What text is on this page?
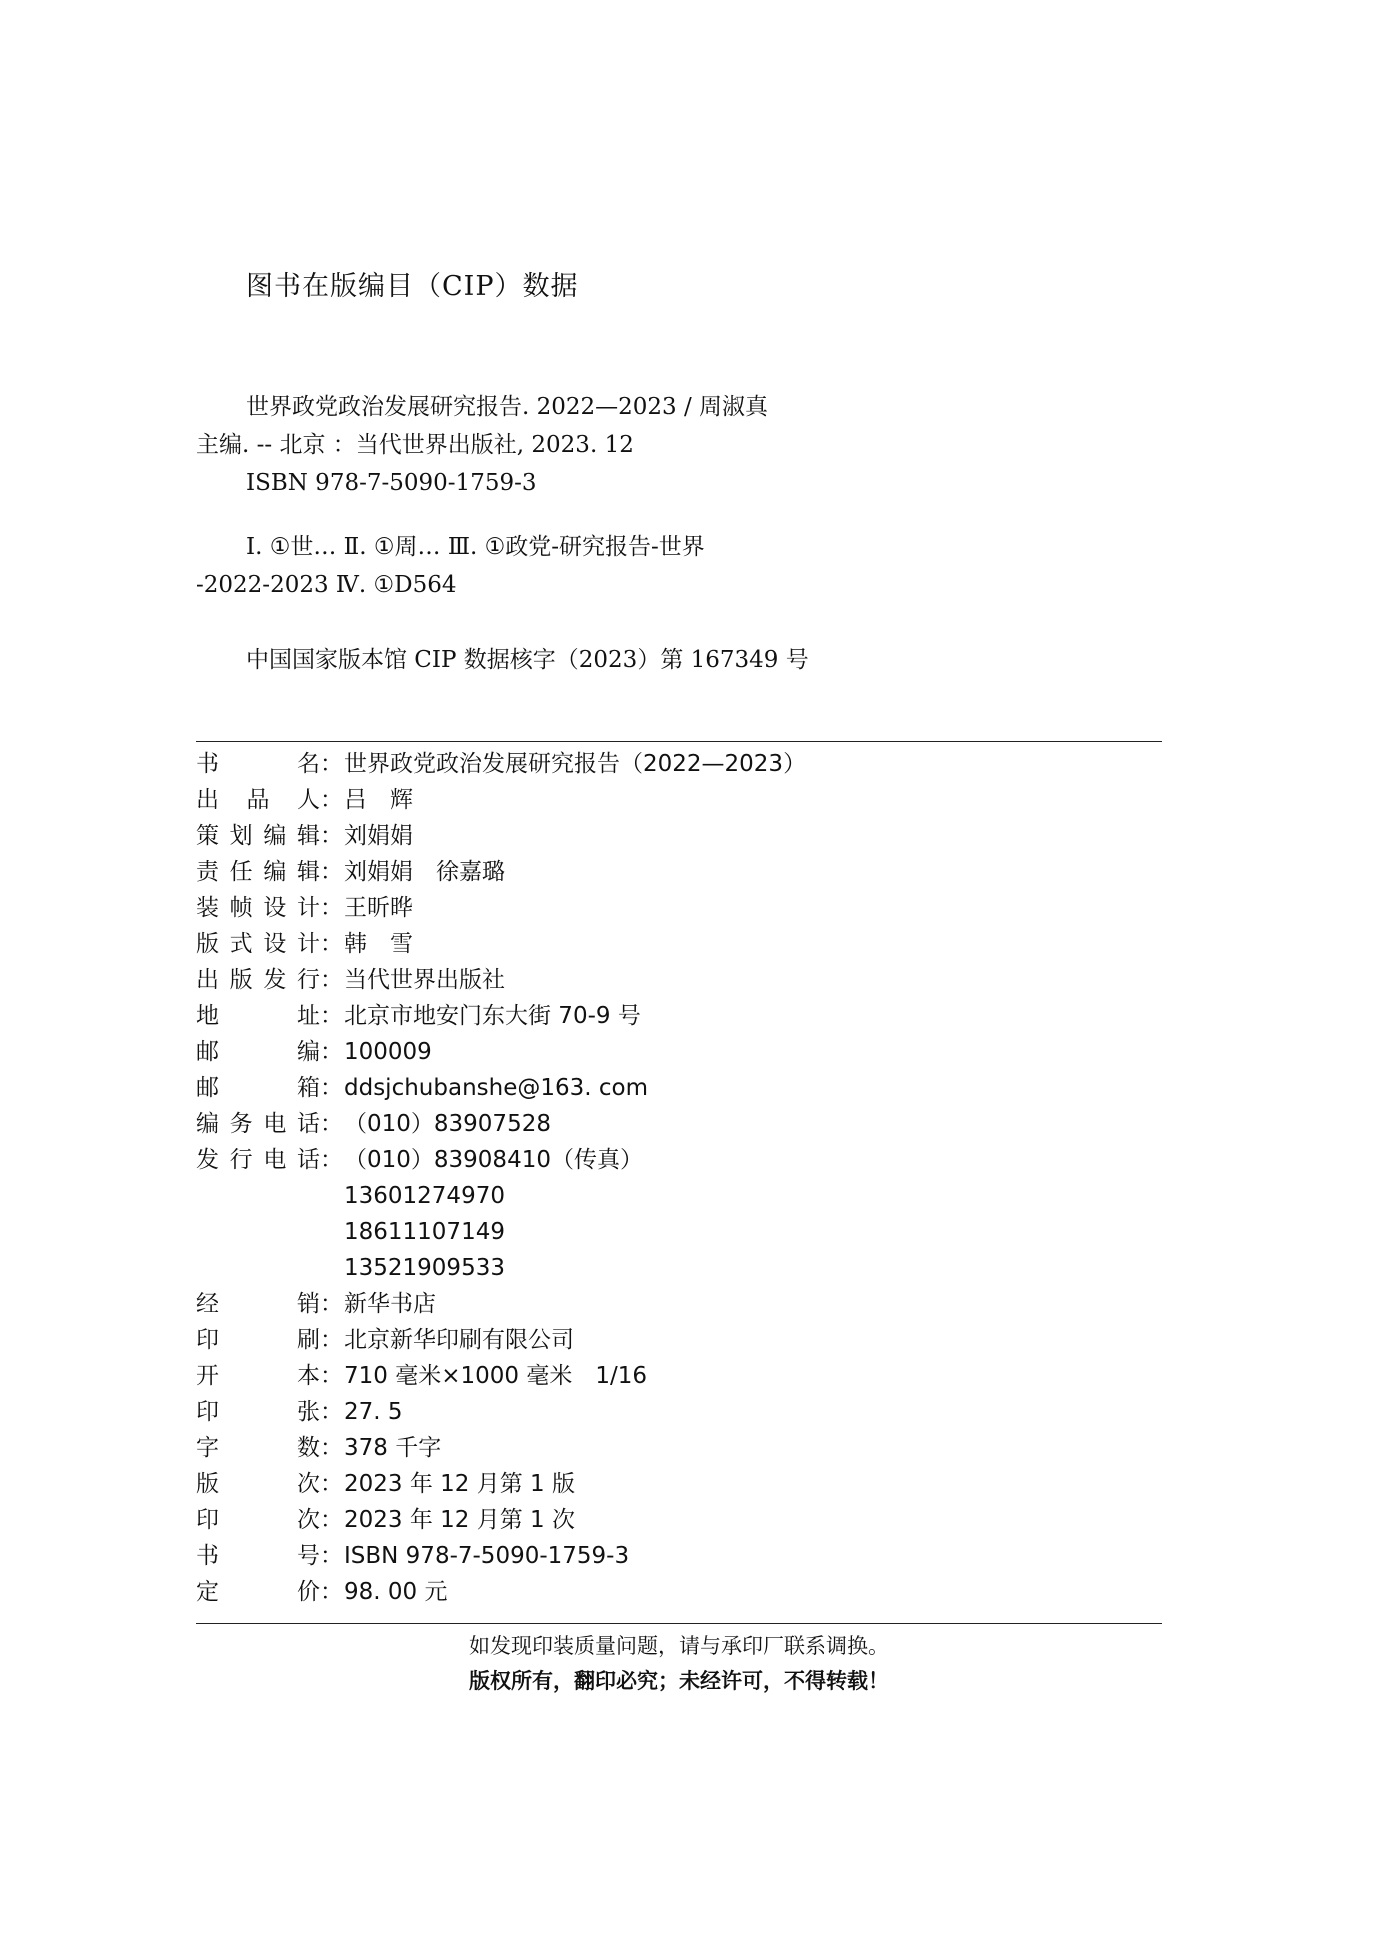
图书在版编目（CIP）数据
世界政党政治发展研究报告. 2022—2023 / 周淑真
主编. -- 北京 ：当代世界出版社, 2023. 12
ISBN 978-7-5090-1759-3
Ⅰ. ①世… Ⅱ. ①周… Ⅲ. ①政党-研究报告-世界
-2022-2023 Ⅳ. ①D564
中国国家版本馆 CIP 数据核字（2023）第 167349 号
书	名 ： 世界政党政治发展研究报告（2022—2023）
出 品 人 ： 吕　辉
策 划 编 辑 ： 刘娟娟
责 任 编 辑 ： 刘娟娟　徐嘉璐
装 帧 设 计 ： 王昕晔
版 式 设 计 ： 韩　雪
出 版 发 行 ： 当代世界出版社
地	址 ： 北京市地安门东大街 70-9 号
邮	编 ： 100009
邮	箱 ： ddsjchubanshe@163. com
编 务 电 话 ： （010）83907528
发 行 电 话 ： （010）83908410（传真）
13601274970
18611107149
13521909533
经	销 ： 新华书店
印	刷 ： 北京新华印刷有限公司
开	本 ： 710 毫米×1000 毫米　1/16
印	张 ： 27. 5
字	数 ： 378 千字
版	次 ： 2023 年 12 月第 1 版
印	次 ： 2023 年 12 月第 1 次
书	号 ： ISBN 978-7-5090-1759-3
定	价 ： 98. 00 元
如发现印装质量问题，请与承印厂联系调换。
版权所有，翻印必究；未经许可，不得转载！
